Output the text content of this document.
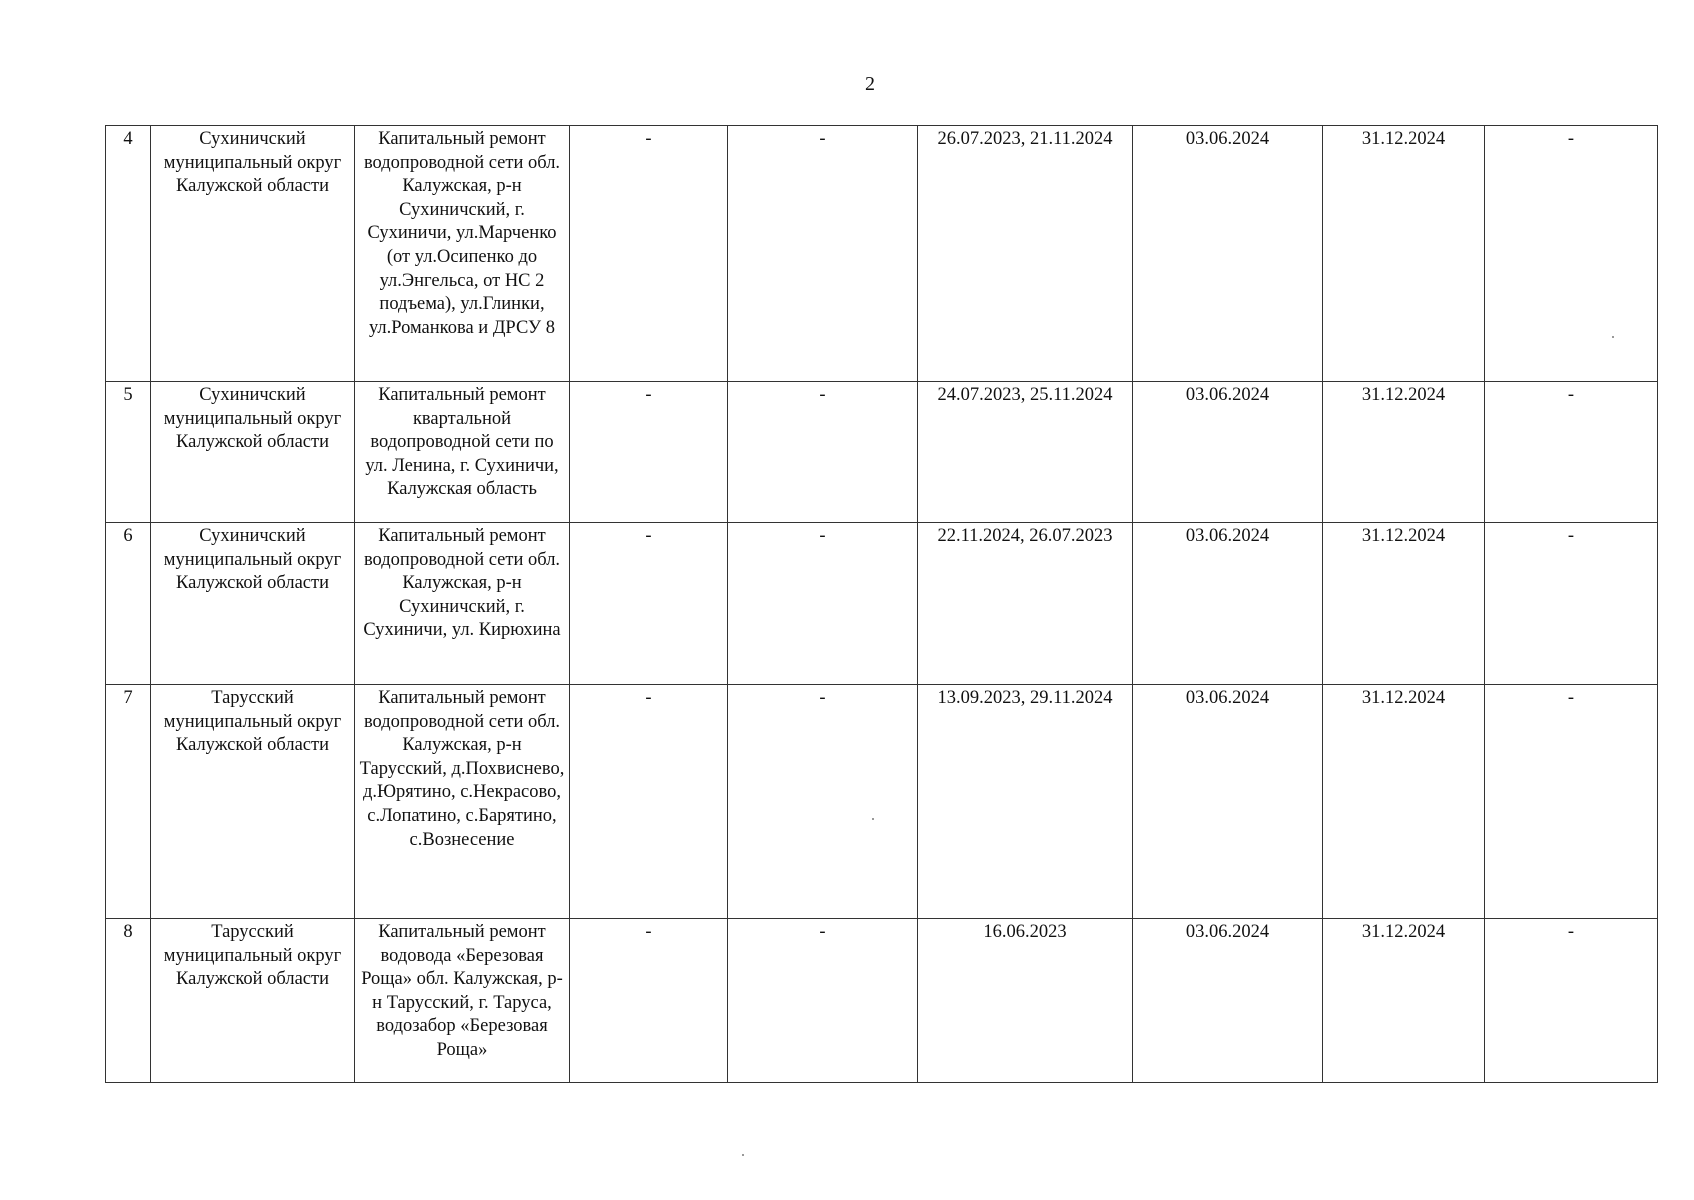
2
4	Сухиничский муниципальный округ Калужской области	Капитальный ремонт водопроводной сети обл. Калужская, р-н Сухиничский, г. Сухиничи, ул.Марченко (от ул.Осипенко до ул.Энгельса, от НС 2 подъема), ул.Глинки, ул.Романкова и ДРСУ 8	-	-	26.07.2023, 21.11.2024	03.06.2024	31.12.2024	-

5	Сухиничский муниципальный округ Калужской области	Капитальный ремонт квартальной водопроводной сети по ул. Ленина, г. Сухиничи, Калужская область	-	-	24.07.2023, 25.11.2024	03.06.2024	31.12.2024	-

6	Сухиничский муниципальный округ Калужской области	Капитальный ремонт водопроводной сети обл. Калужская, р-н Сухиничский, г. Сухиничи, ул. Кирюхина	-	-	22.11.2024, 26.07.2023	03.06.2024	31.12.2024	-

7	Тарусский муниципальный округ Калужской области	Капитальный ремонт водопроводной сети обл. Калужская, р-н Тарусский, д.Похвиснево, д.Юрятино, с.Некрасово, с.Лопатино, с.Барятино, с.Вознесение	-	-	13.09.2023, 29.11.2024	03.06.2024	31.12.2024	-

8	Тарусский муниципальный округ Калужской области	Капитальный ремонт водовода «Березовая Роща» обл. Калужская, р-н Тарусский, г. Таруса, водозабор «Березовая Роща»	-	-	16.06.2023	03.06.2024	31.12.2024	-
